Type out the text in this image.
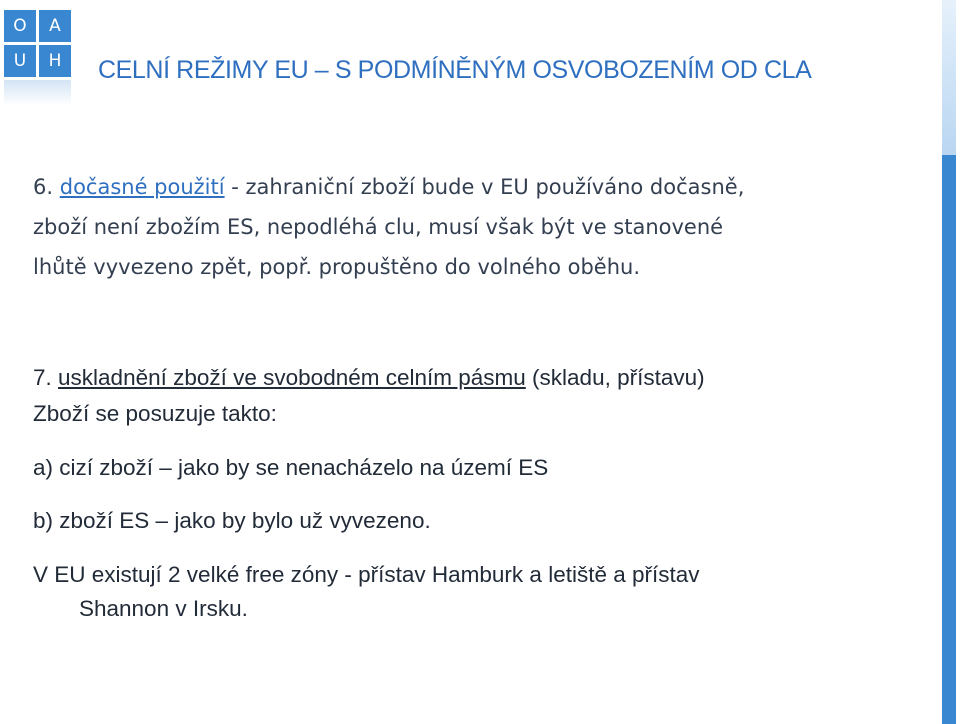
O	A
U	H	CELNÍ REŽIMY EU – S PODMÍNĚNÝM OSVOBOZENÍM OD CLA
6. dočasné použití - zahraniční zboží bude v EU používáno dočasně,
zboží není zbožím ES, nepodléhá clu, musí však být ve stanovené
lhůtě vyvezeno zpět, popř. propuštěno do volného oběhu.
7. uskladnění zboží ve svobodném celním pásmu (skladu, přístavu)
Zboží se posuzuje takto:
a) cizí zboží – jako by se nenacházelo na území ES
b) zboží ES – jako by bylo už vyvezeno.
V EU existují 2 velké free zóny - přístav Hamburk a letiště a přístav
Shannon v Irsku.
